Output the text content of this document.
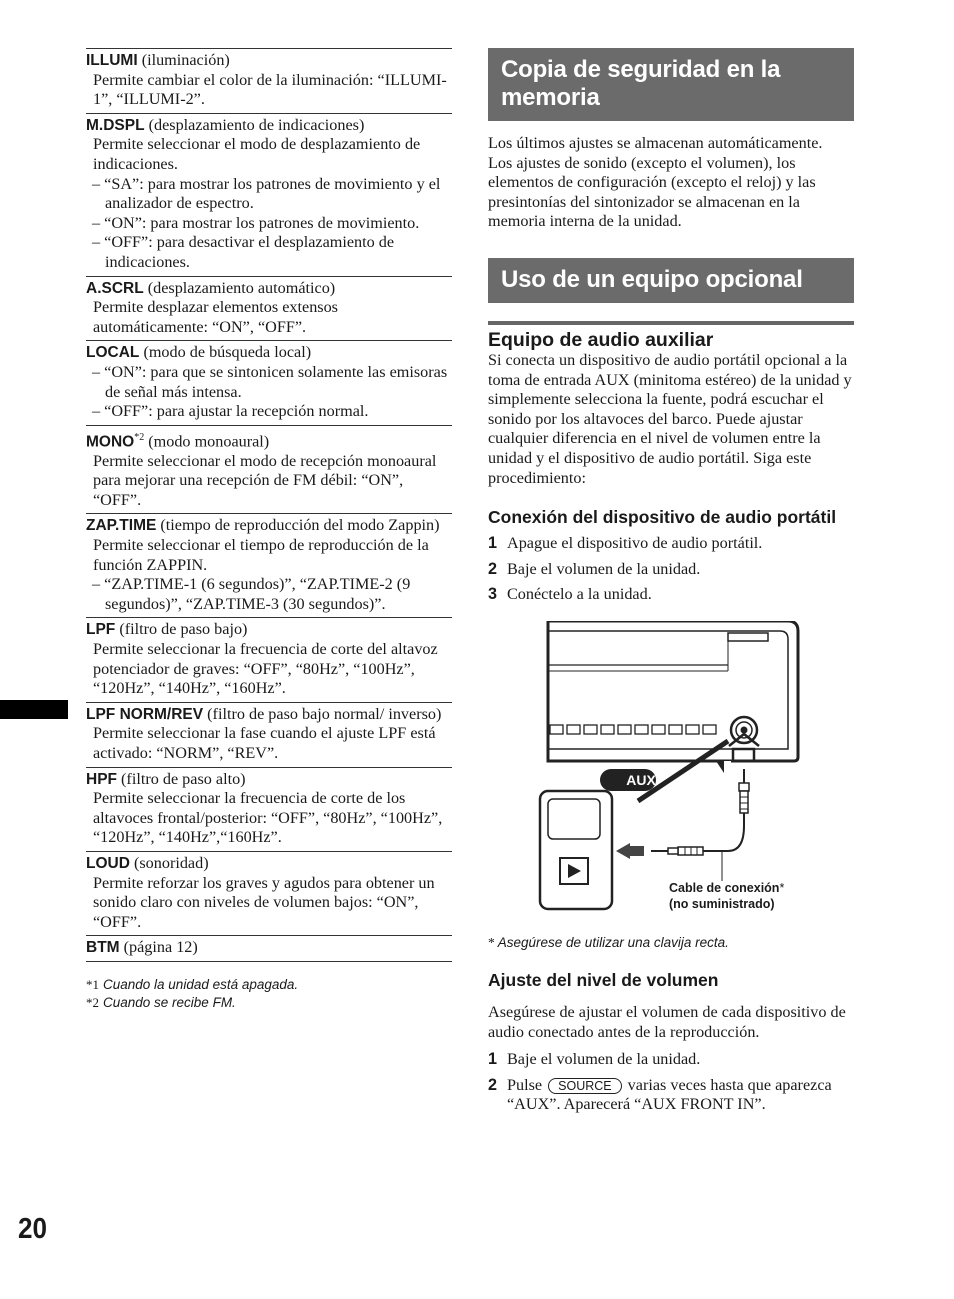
ILLUMI (iluminación)
Permite cambiar el color de la iluminación: “ILLUMI-1”, “ILLUMI-2”.
M.DSPL (desplazamiento de indicaciones)
Permite seleccionar el modo de desplazamiento de indicaciones.
– “SA”: para mostrar los patrones de movimiento y el analizador de espectro.
– “ON”: para mostrar los patrones de movimiento.
– “OFF”: para desactivar el desplazamiento de indicaciones.
A.SCRL (desplazamiento automático)
Permite desplazar elementos extensos automáticamente: “ON”, “OFF”.
LOCAL (modo de búsqueda local)
– “ON”: para que se sintonicen solamente las emisoras de señal más intensa.
– “OFF”: para ajustar la recepción normal.
MONO$^{*2}$ (modo monoaural)
Permite seleccionar el modo de recepción monoaural para mejorar una recepción de FM débil: “ON”, “OFF”.
ZAP.TIME (tiempo de reproducción del modo Zappin)
Permite seleccionar el tiempo de reproducción de la función ZAPPIN.
– “ZAP.TIME-1 (6 segundos)”, “ZAP.TIME-2 (9 segundos)”, “ZAP.TIME-3 (30 segundos)”.
LPF (filtro de paso bajo)
Permite seleccionar la frecuencia de corte del altavoz potenciador de graves: “OFF”, “80Hz”, “100Hz”, “120Hz”, “140Hz”, “160Hz”.
LPF NORM/REV (filtro de paso bajo normal/ inverso)
Permite seleccionar la fase cuando el ajuste LPF está activado: “NORM”, “REV”.
HPF (filtro de paso alto)
Permite seleccionar la frecuencia de corte de los altavoces frontal/posterior: “OFF”, “80Hz”, “100Hz”, “120Hz”, “140Hz”,“160Hz”.
LOUD (sonoridad)
Permite reforzar los graves y agudos para obtener un sonido claro con niveles de volumen bajos: “ON”, “OFF”.
BTM (página 12)
*1 Cuando la unidad está apagada.
*2 Cuando se recibe FM.
20
Copia de seguridad en la memoria
Los últimos ajustes se almacenan automáticamente.
Los ajustes de sonido (excepto el volumen), los elementos de configuración (excepto el reloj) y las presintonías del sintonizador se almacenan en la memoria interna de la unidad.
Uso de un equipo opcional
Equipo de audio auxiliar
Si conecta un dispositivo de audio portátil opcional a la toma de entrada AUX (minitoma estéreo) de la unidad y simplemente selecciona la fuente, podrá escuchar el sonido por los altavoces del barco. Puede ajustar cualquier diferencia en el nivel de volumen entre la unidad y el dispositivo de audio portátil. Siga este procedimiento:
Conexión del dispositivo de audio portátil
1 Apague el dispositivo de audio portátil.
2 Baje el volumen de la unidad.
3 Conéctelo a la unidad.
AUX
Cable de conexión*
(no suministrado)
* Asegúrese de utilizar una clavija recta.
Ajuste del nivel de volumen
Asegúrese de ajustar el volumen de cada dispositivo de audio conectado antes de la reproducción.
1 Baje el volumen de la unidad.
2 Pulse SOURCE varias veces hasta que aparezca “AUX”. Aparecerá “AUX FRONT IN”.
